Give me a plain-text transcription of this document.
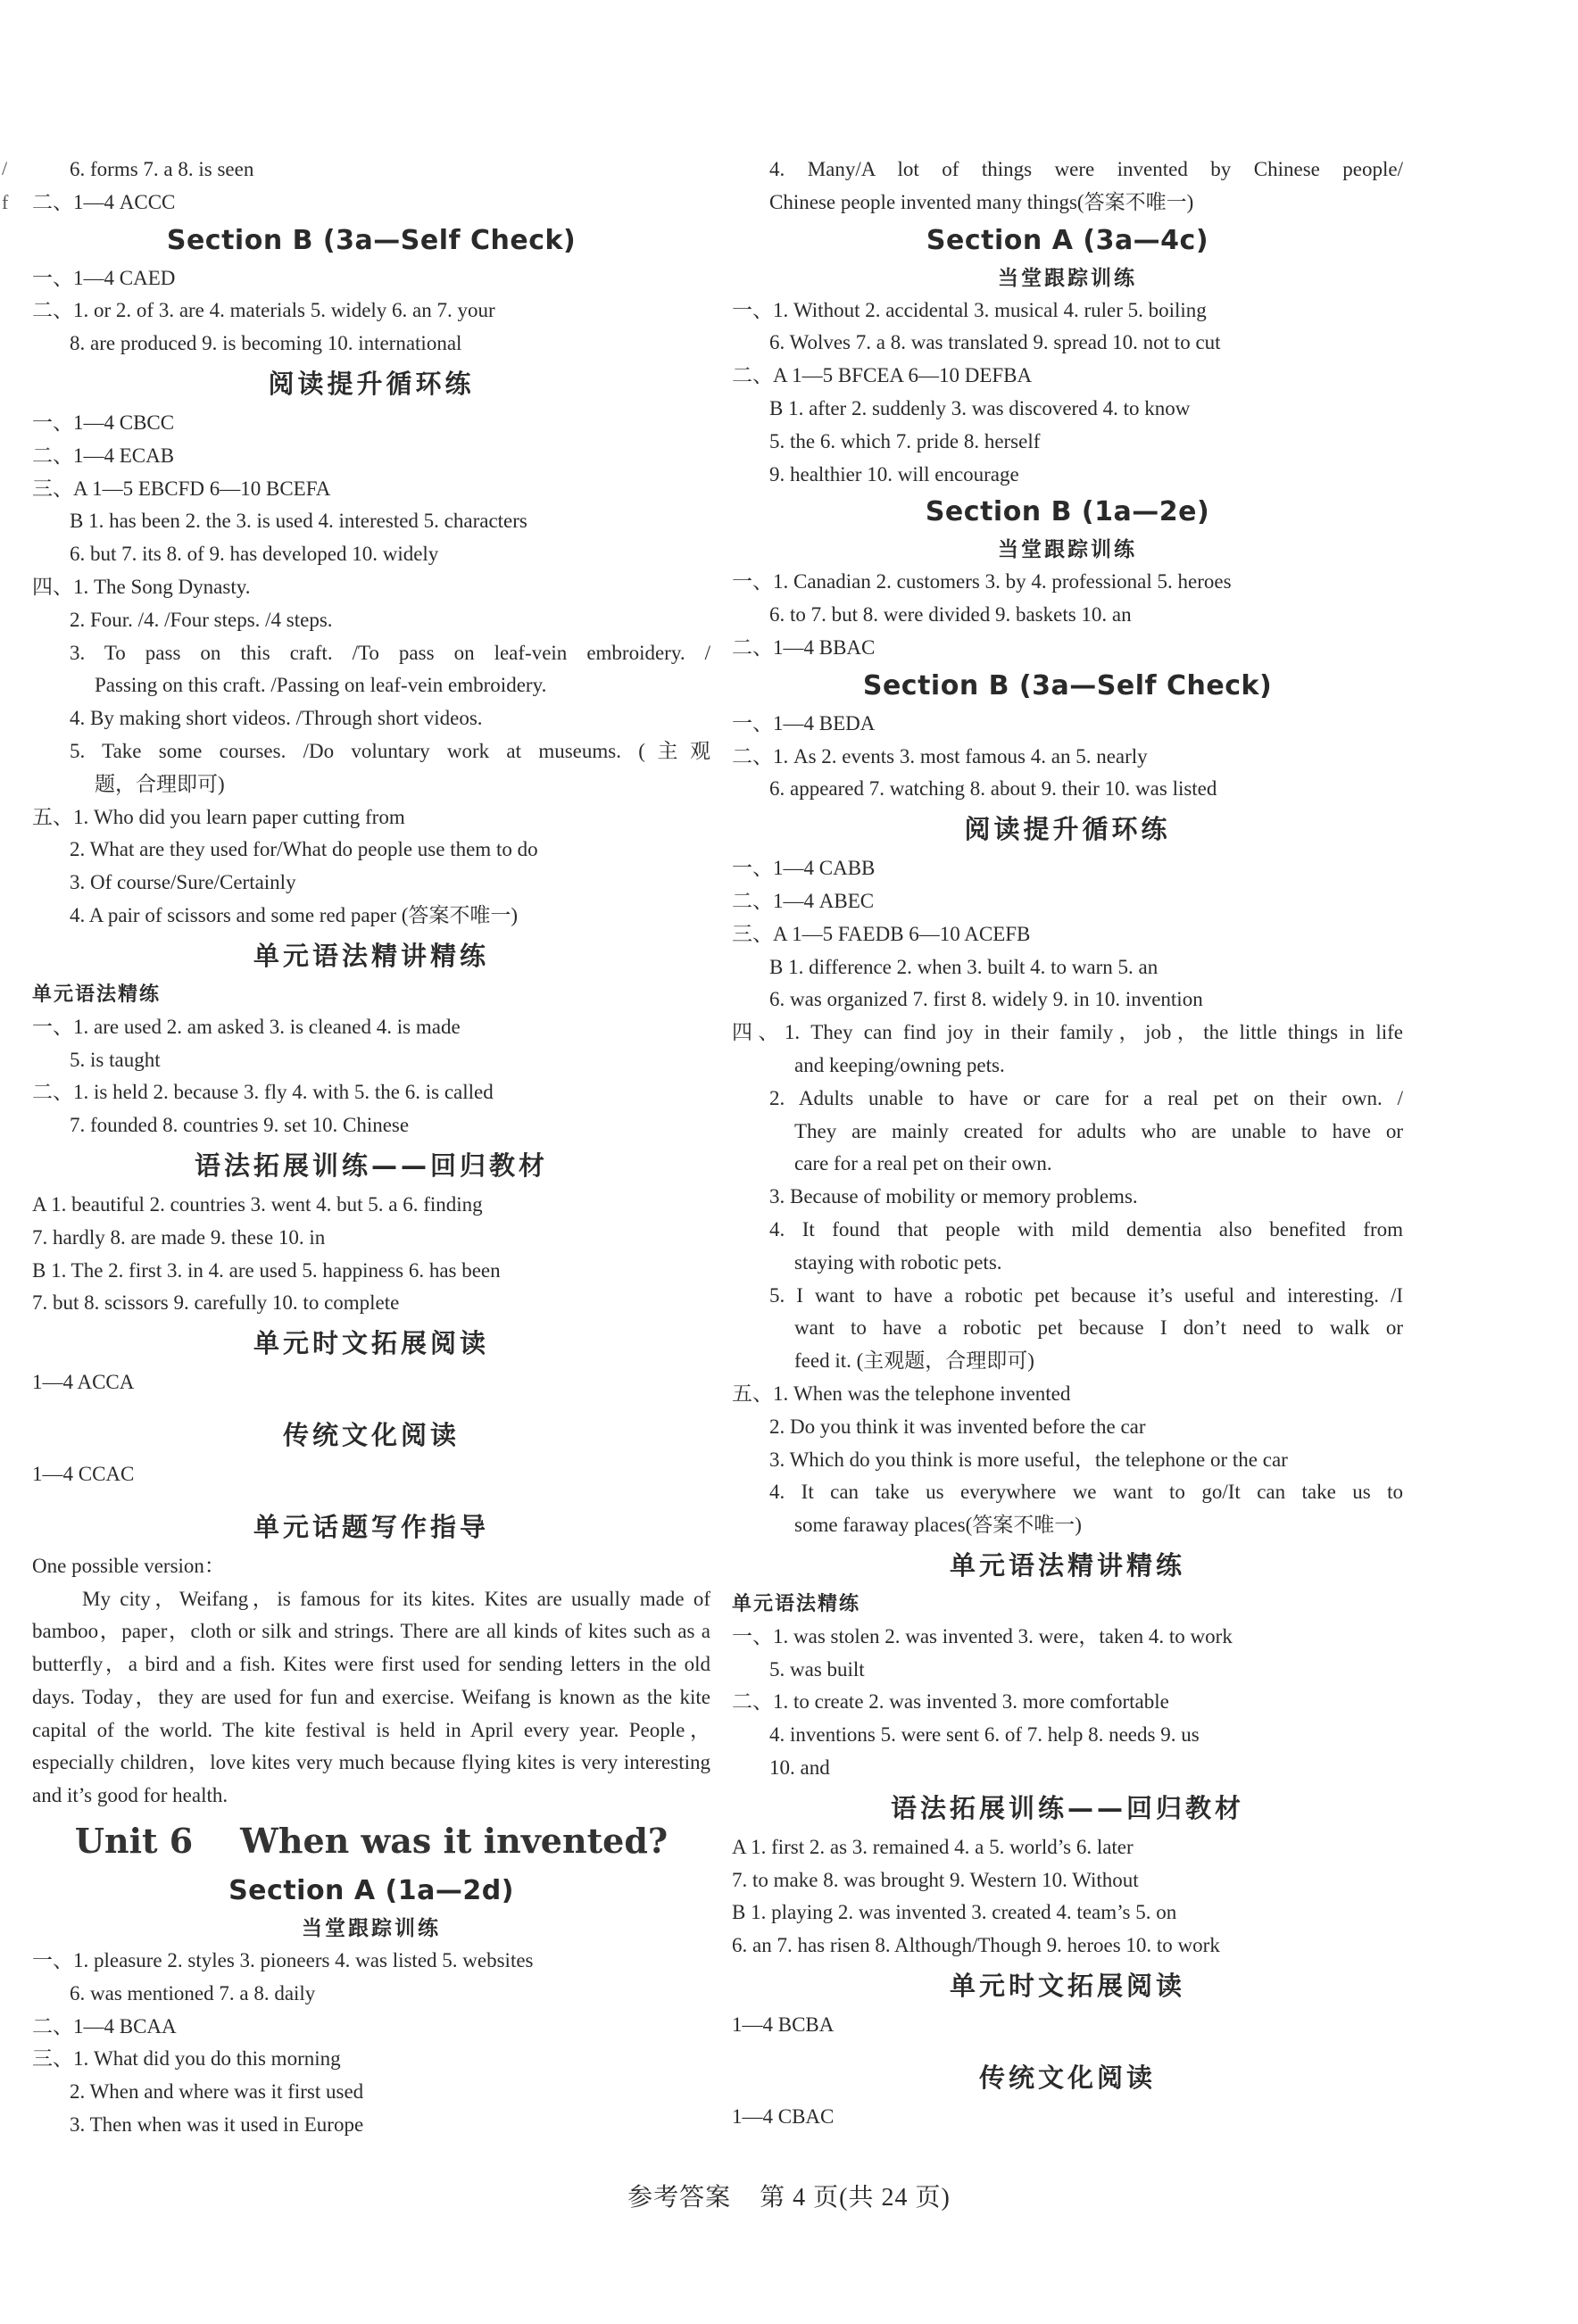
/
f
6. forms 7. a 8. is seen
二、1—4 ACCC
Section B (3a—Self Check)
一、1—4 CAED
二、1. or 2. of 3. are 4. materials 5. widely 6. an 7. your
8. are produced 9. is becoming 10. international
阅读提升循环练
一、1—4 CBCC
二、1—4 ECAB
三、A 1—5 EBCFD 6—10 BCEFA
B 1. has been 2. the 3. is used 4. interested 5. characters
6. but 7. its 8. of 9. has developed 10. widely
四、1. The Song Dynasty.
2. Four. /4. /Four steps. /4 steps.
3. To pass on this craft. /To pass on leaf-vein embroidery. /
Passing on this craft. /Passing on leaf-vein embroidery.
4. By making short videos. /Through short videos.
5. Take some courses. /Do voluntary work at museums. (主观
题，合理即可)
五、1. Who did you learn paper cutting from
2. What are they used for/What do people use them to do
3. Of course/Sure/Certainly
4. A pair of scissors and some red paper (答案不唯一)
单元语法精讲精练
单元语法精练
一、1. are used 2. am asked 3. is cleaned 4. is made
5. is taught
二、1. is held 2. because 3. fly 4. with 5. the 6. is called
7. founded 8. countries 9. set 10. Chinese
语法拓展训练——回归教材
A 1. beautiful 2. countries 3. went 4. but 5. a 6. finding
7. hardly 8. are made 9. these 10. in
B 1. The 2. first 3. in 4. are used 5. happiness 6. has been
7. but 8. scissors 9. carefully 10. to complete
单元时文拓展阅读
1—4 ACCA
传统文化阅读
1—4 CCAC
单元话题写作指导
One possible version：
My city，Weifang，is famous for its kites. Kites are usually made of bamboo，paper，cloth or silk and strings. There are all kinds of kites such as a butterfly，a bird and a fish. Kites were first used for sending letters in the old days. Today，they are used for fun and exercise. Weifang is known as the kite capital of the world. The kite festival is held in April every year. People，especially children，love kites very much because flying kites is very interesting and it’s good for health.
Unit 6    When was it invented?
Section A (1a—2d)
当堂跟踪训练
一、1. pleasure 2. styles 3. pioneers 4. was listed 5. websites
6. was mentioned 7. a 8. daily
二、1—4 BCAA
三、1. What did you do this morning
2. When and where was it first used
3. Then when was it used in Europe
4. Many/A lot of things were invented by Chinese people/
Chinese people invented many things(答案不唯一)
Section A (3a—4c)
当堂跟踪训练
一、1. Without 2. accidental 3. musical 4. ruler 5. boiling
6. Wolves 7. a 8. was translated 9. spread 10. not to cut
二、A 1—5 BFCEA 6—10 DEFBA
B 1. after 2. suddenly 3. was discovered 4. to know
5. the 6. which 7. pride 8. herself
9. healthier 10. will encourage
Section B (1a—2e)
当堂跟踪训练
一、1. Canadian 2. customers 3. by 4. professional 5. heroes
6. to 7. but 8. were divided 9. baskets 10. an
二、1—4 BBAC
Section B (3a—Self Check)
一、1—4 BEDA
二、1. As 2. events 3. most famous 4. an 5. nearly
6. appeared 7. watching 8. about 9. their 10. was listed
阅读提升循环练
一、1—4 CABB
二、1—4 ABEC
三、A 1—5 FAEDB 6—10 ACEFB
B 1. difference 2. when 3. built 4. to warn 5. an
6. was organized 7. first 8. widely 9. in 10. invention
四、1. They can find joy in their family，job，the little things in life
and keeping/owning pets.
2. Adults unable to have or care for a real pet on their own. /
They are mainly created for adults who are unable to have or
care for a real pet on their own.
3. Because of mobility or memory problems.
4. It found that people with mild dementia also benefited from
staying with robotic pets.
5. I want to have a robotic pet because it’s useful and interesting. /I
want to have a robotic pet because I don’t need to walk or
feed it. (主观题，合理即可)
五、1. When was the telephone invented
2. Do you think it was invented before the car
3. Which do you think is more useful，the telephone or the car
4. It can take us everywhere we want to go/It can take us to
some faraway places(答案不唯一)
单元语法精讲精练
单元语法精练
一、1. was stolen 2. was invented 3. were，taken 4. to work
5. was built
二、1. to create 2. was invented 3. more comfortable
4. inventions 5. were sent 6. of 7. help 8. needs 9. us
10. and
语法拓展训练——回归教材
A 1. first 2. as 3. remained 4. a 5. world’s 6. later
7. to make 8. was brought 9. Western 10. Without
B 1. playing 2. was invented 3. created 4. team’s 5. on
6. an 7. has risen 8. Although/Though 9. heroes 10. to work
单元时文拓展阅读
1—4 BCBA
传统文化阅读
1—4 CBAC
参考答案    第 4 页(共 24 页)
